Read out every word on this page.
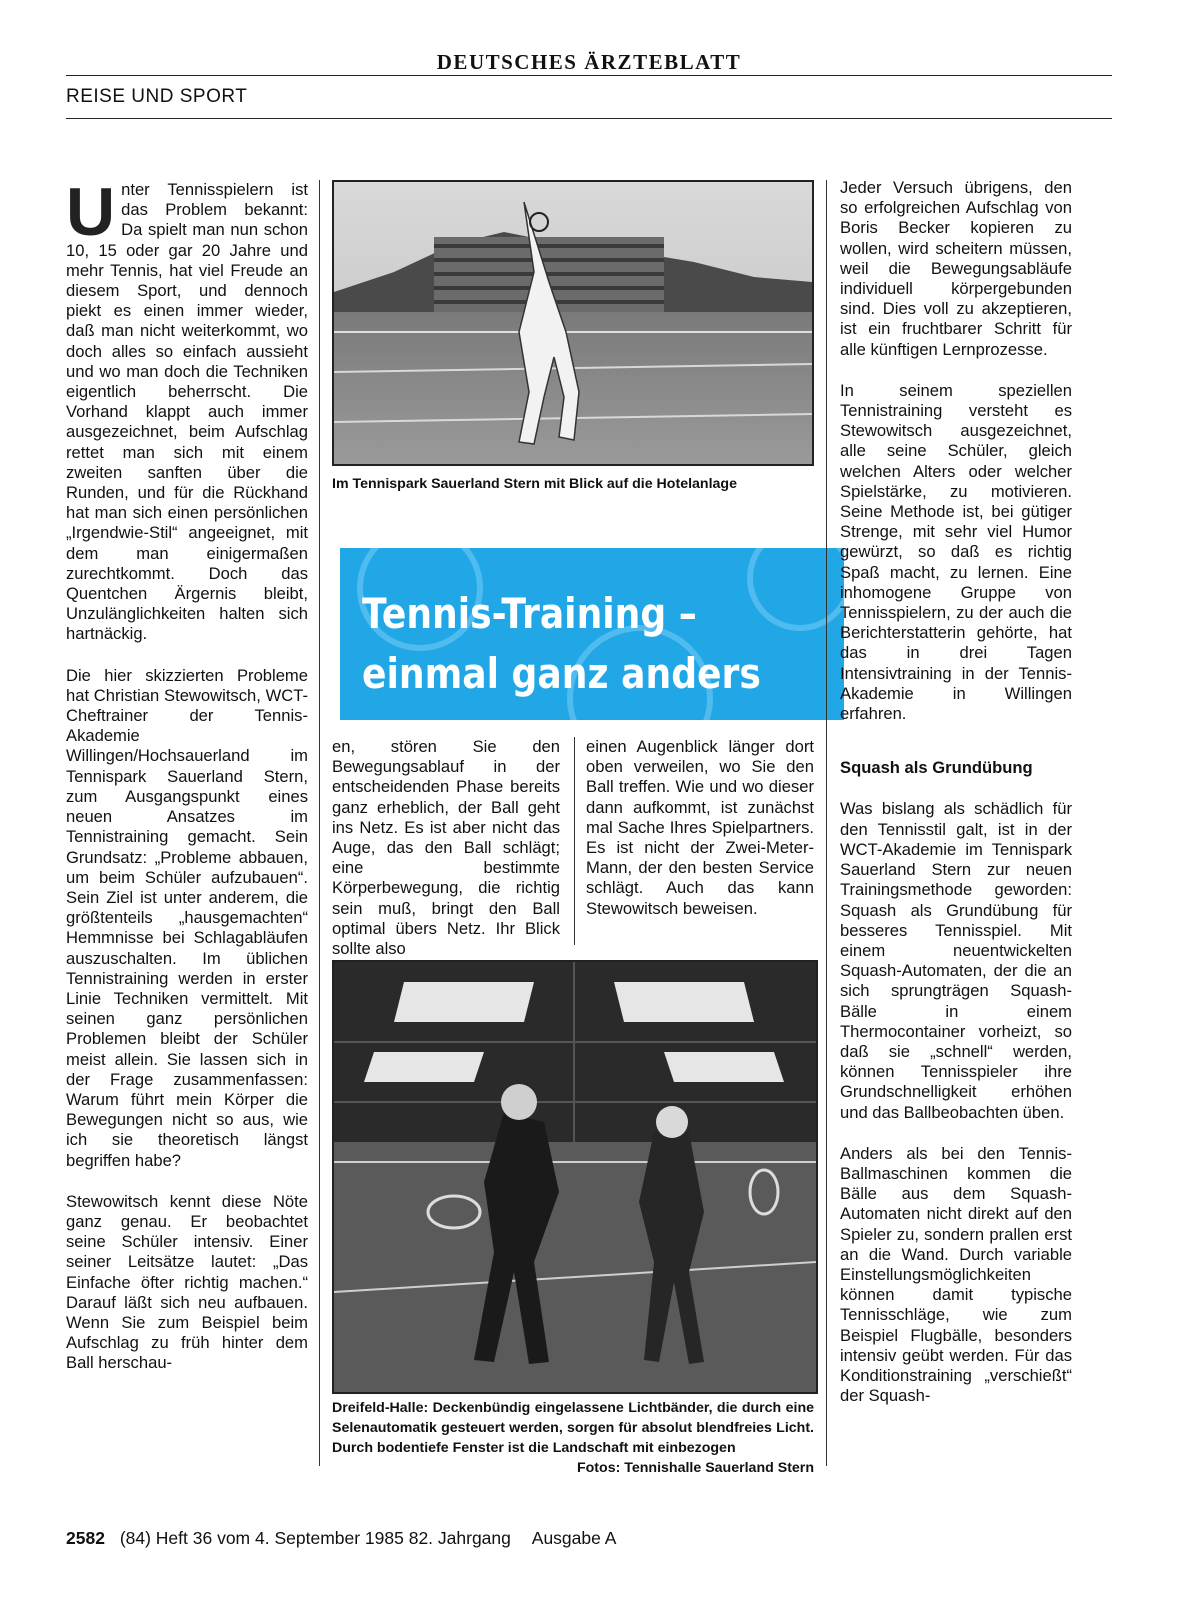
DEUTSCHES ÄRZTEBLATT
REISE UND SPORT

Unter Tennisspielern ist das Problem bekannt: Da spielt man nun schon 10, 15 oder gar 20 Jahre und mehr Tennis, hat viel Freude an diesem Sport, und dennoch piekt es einen immer wieder, daß man nicht weiterkommt, wo doch alles so einfach aussieht und wo man doch die Techniken eigentlich beherrscht. Die Vorhand klappt auch immer ausgezeichnet, beim Aufschlag rettet man sich mit einem zweiten sanften über die Runden, und für die Rückhand hat man sich einen persönlichen „Irgendwie-Stil“ angeeignet, mit dem man einigermaßen zurechtkommt. Doch das Quentchen Ärgernis bleibt, Unzulänglichkeiten halten sich hartnäckig.

Die hier skizzierten Probleme hat Christian Stewowitsch, WCT-Cheftrainer der Tennis-Akademie Willingen/Hochsauerland im Tennispark Sauerland Stern, zum Ausgangspunkt eines neuen Ansatzes im Tennistraining gemacht. Sein Grundsatz: „Probleme abbauen, um beim Schüler aufzubauen“. Sein Ziel ist unter anderem, die größtenteils „hausgemachten“ Hemmnisse bei Schlagabläufen auszuschalten. Im üblichen Tennistraining werden in erster Linie Techniken vermittelt. Mit seinen ganz persönlichen Problemen bleibt der Schüler meist allein. Sie lassen sich in der Frage zusammenfassen: Warum führt mein Körper die Bewegungen nicht so aus, wie ich sie theoretisch längst begriffen habe?

Stewowitsch kennt diese Nöte ganz genau. Er beobachtet seine Schüler intensiv. Einer seiner Leitsätze lautet: „Das Einfache öfter richtig machen.“ Darauf läßt sich neu aufbauen. Wenn Sie zum Beispiel beim Aufschlag zu früh hinter dem Ball herschau-

Im Tennispark Sauerland Stern mit Blick auf die Hotelanlage
Tennis-Training –
einmal ganz anders

en, stören Sie den Bewegungsablauf in der entscheidenden Phase bereits ganz erheblich, der Ball geht ins Netz. Es ist aber nicht das Auge, das den Ball schlägt; eine bestimmte Körperbewegung, die richtig sein muß, bringt den Ball optimal übers Netz. Ihr Blick sollte also

einen Augenblick länger dort oben verweilen, wo Sie den Ball treffen. Wie und wo dieser dann aufkommt, ist zunächst mal Sache Ihres Spielpartners. Es ist nicht der Zwei-Meter-Mann, der den besten Service schlägt. Auch das kann Stewowitsch beweisen.

Dreifeld-Halle: Deckenbündig eingelassene Lichtbänder, die durch eine Selenautomatik gesteuert werden, sorgen für absolut blendfreies Licht. Durch bodentiefe Fenster ist die Landschaft mit einbezogen
Fotos: Tennishalle Sauerland Stern

Jeder Versuch übrigens, den so erfolgreichen Aufschlag von Boris Becker kopieren zu wollen, wird scheitern müssen, weil die Bewegungsabläufe individuell körpergebunden sind. Dies voll zu akzeptieren, ist ein fruchtbarer Schritt für alle künftigen Lernprozesse.

In seinem speziellen Tennistraining versteht es Stewowitsch ausgezeichnet, alle seine Schüler, gleich welchen Alters oder welcher Spielstärke, zu motivieren. Seine Methode ist, bei gütiger Strenge, mit sehr viel Humor gewürzt, so daß es richtig Spaß macht, zu lernen. Eine inhomogene Gruppe von Tennisspielern, zu der auch die Berichterstatterin gehörte, hat das in drei Tagen Intensivtraining in der Tennis-Akademie in Willingen erfahren.

Squash als Grundübung

Was bislang als schädlich für den Tennisstil galt, ist in der WCT-Akademie im Tennispark Sauerland Stern zur neuen Trainingsmethode geworden: Squash als Grundübung für besseres Tennisspiel. Mit einem neuentwickelten Squash-Automaten, der die an sich sprungträgen Squash-Bälle in einem Thermocontainer vorheizt, so daß sie „schnell“ werden, können Tennisspieler ihre Grundschnelligkeit erhöhen und das Ballbeobachten üben.

Anders als bei den Tennis-Ballmaschinen kommen die Bälle aus dem Squash-Automaten nicht direkt auf den Spieler zu, sondern prallen erst an die Wand. Durch variable Einstellungsmöglichkeiten können damit typische Tennisschläge, wie zum Beispiel Flugbälle, besonders intensiv geübt werden. Für das Konditionstraining „verschießt“ der Squash-

2582 (84) Heft 36 vom 4. September 1985 82. Jahrgang Ausgabe A
